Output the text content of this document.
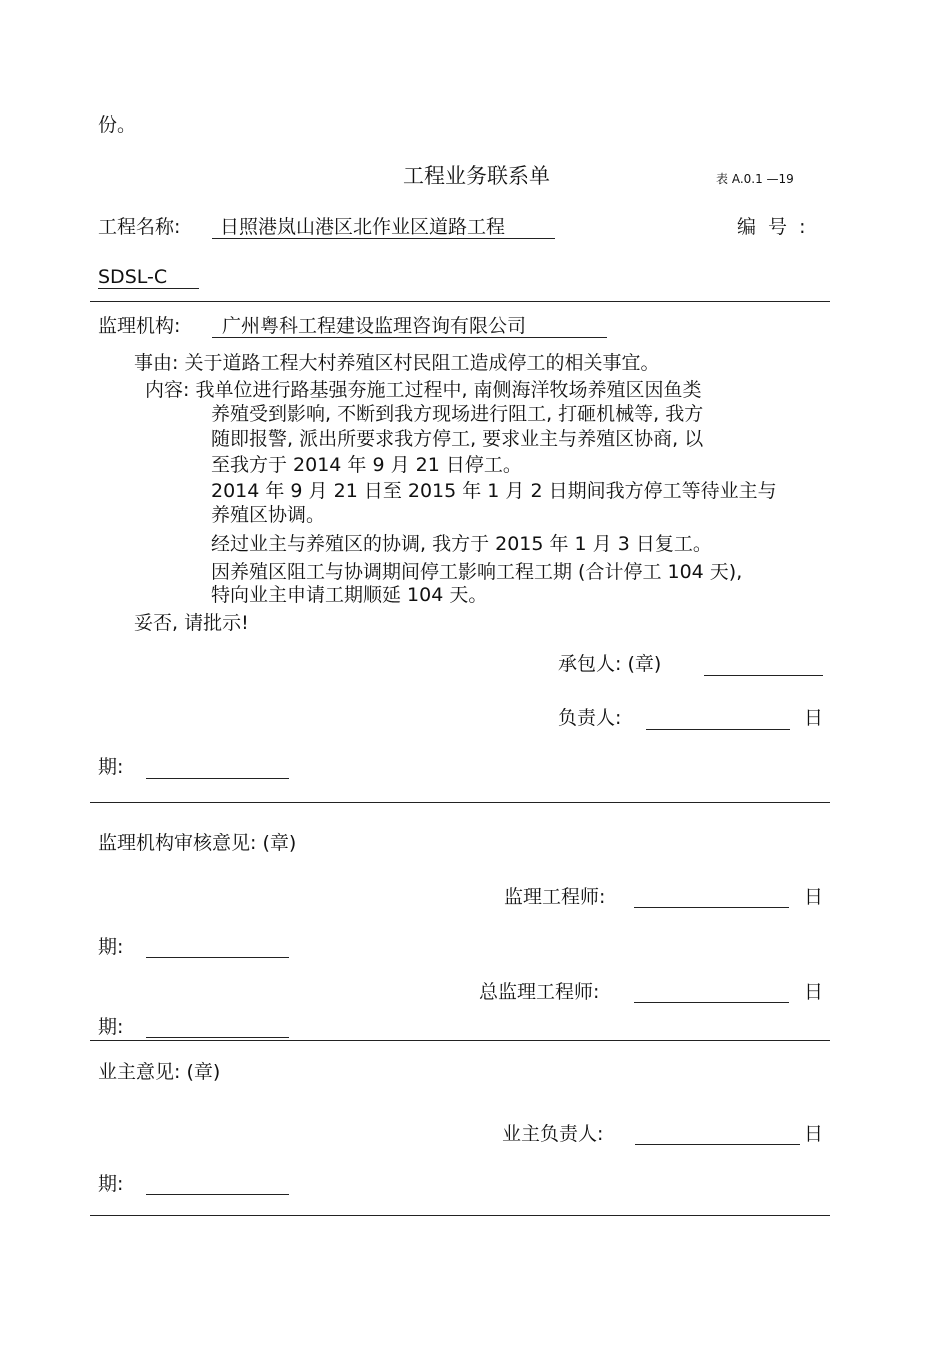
份。
工程业务联系单	表 A.0.1 —19
工程名称: 日照港岚山港区北作业区道路工程	编 号 :
SDSL-C
监理机构: 广州粤科工程建设监理咨询有限公司
事由: 关于道路工程大村养殖区村民阻工造成停工的相关事宜。
内容: 我单位进行路基强夯施工过程中, 南侧海洋牧场养殖区因鱼类
养殖受到影响, 不断到我方现场进行阻工, 打砸机械等, 我方
随即报警, 派出所要求我方停工, 要求业主与养殖区协商, 以
至我方于 2014 年 9 月 21 日停工。
2014 年 9 月 21 日至 2015 年 1 月 2 日期间我方停工等待业主与
养殖区协调。
经过业主与养殖区的协调, 我方于 2015 年 1 月 3 日复工。
因养殖区阻工与协调期间停工影响工程工期 (合计停工 104 天),
特向业主申请工期顺延 104 天。
妥否, 请批示!
承包人: (章)
负责人:	日
期:
监理机构审核意见: (章)
监理工程师:	日
期:
总监理工程师:	日
期:
业主意见: (章)
业主负责人:	日
期:
